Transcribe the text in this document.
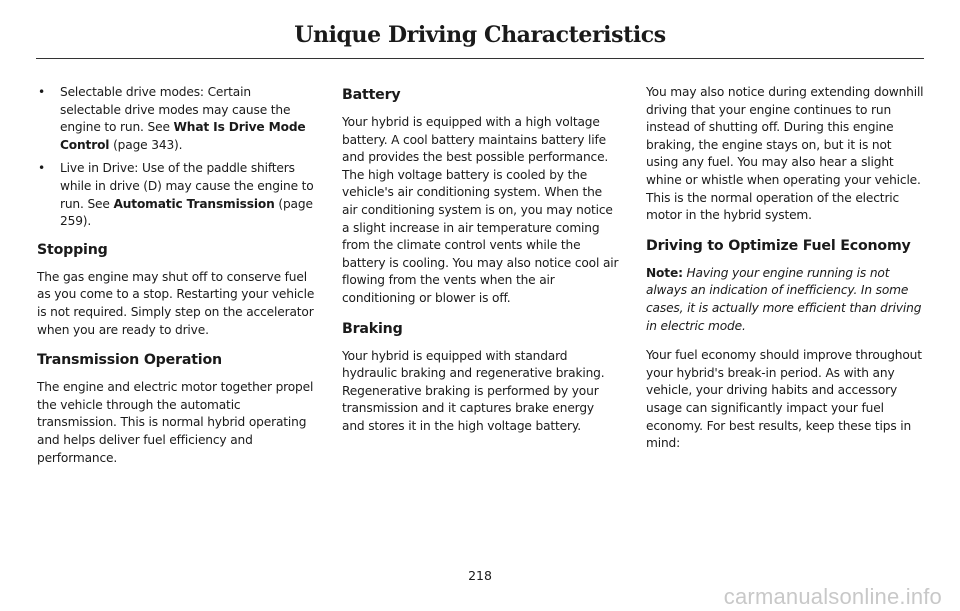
Unique Driving Characteristics
• Selectable drive modes: Certain selectable drive modes may cause the engine to run. See What Is Drive Mode Control (page 343).
• Live in Drive: Use of the paddle shifters while in drive (D) may cause the engine to run. See Automatic Transmission (page 259).
Stopping

The gas engine may shut off to conserve fuel as you come to a stop. Restarting your vehicle is not required. Simply step on the accelerator when you are ready to drive.

Transmission Operation

The engine and electric motor together propel the vehicle through the automatic transmission. This is normal hybrid operating and helps deliver fuel efficiency and performance.

Battery

Your hybrid is equipped with a high voltage battery. A cool battery maintains battery life and provides the best possible performance. The high voltage battery is cooled by the vehicle's air conditioning system. When the air conditioning system is on, you may notice a slight increase in air temperature coming from the climate control vents while the battery is cooling. You may also notice cool air flowing from the vents when the air conditioning or blower is off.

Braking

Your hybrid is equipped with standard hydraulic braking and regenerative braking. Regenerative braking is performed by your transmission and it captures brake energy and stores it in the high voltage battery.

You may also notice during extending downhill driving that your engine continues to run instead of shutting off. During this engine braking, the engine stays on, but it is not using any fuel. You may also hear a slight whine or whistle when operating your vehicle. This is the normal operation of the electric motor in the hybrid system.

Driving to Optimize Fuel Economy

Note: Having your engine running is not always an indication of inefficiency. In some cases, it is actually more efficient than driving in electric mode.

Your fuel economy should improve throughout your hybrid's break-in period. As with any vehicle, your driving habits and accessory usage can significantly impact your fuel economy. For best results, keep these tips in mind:

218
carmanualsonline.info
